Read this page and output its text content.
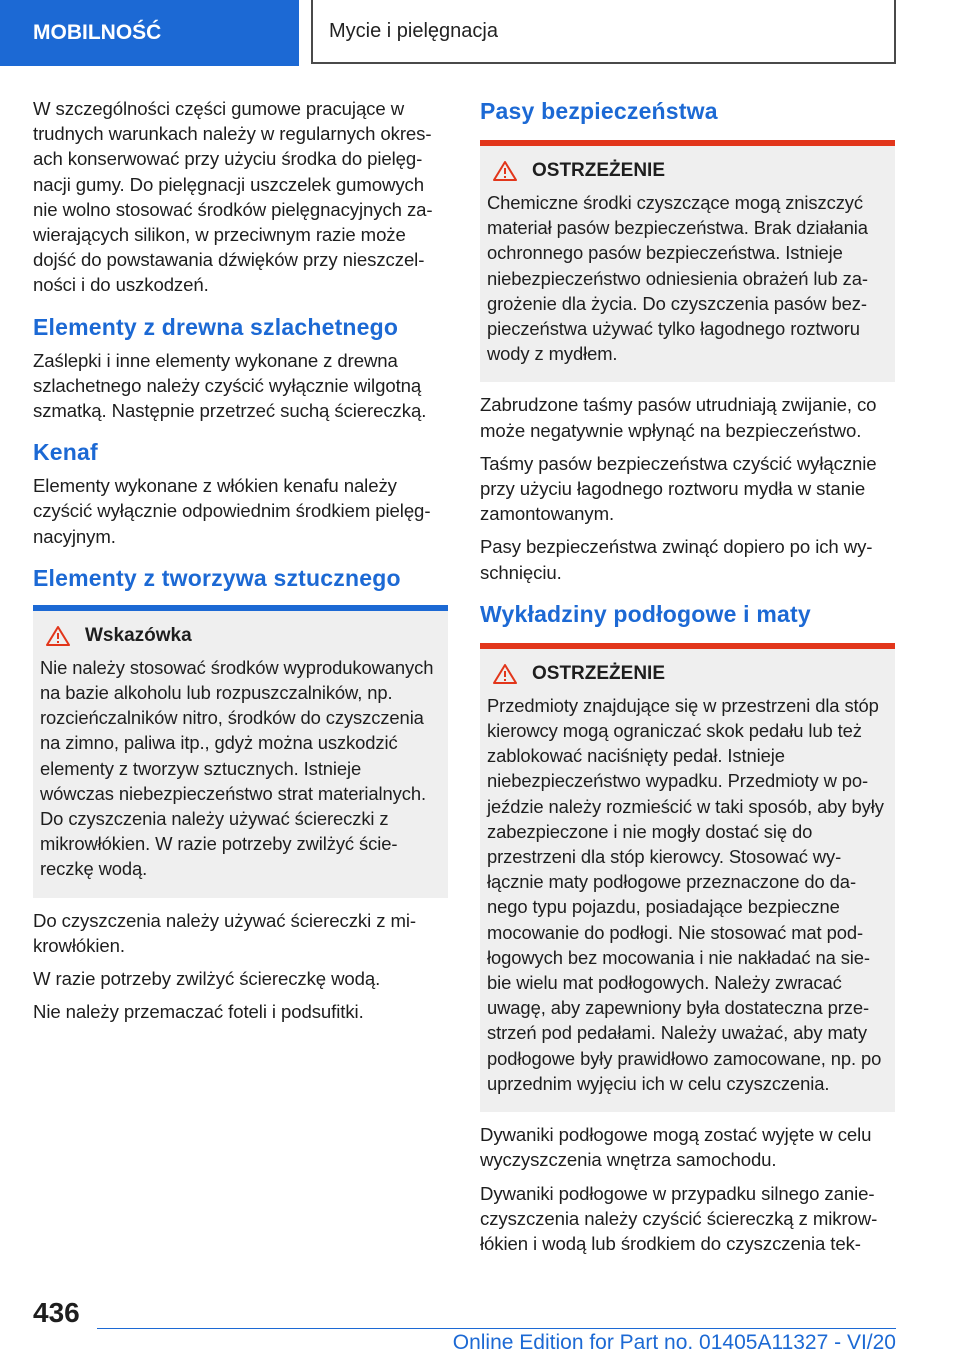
MOBILNOŚĆ	Mycie i pielęgnacja

W szczególności części gumowe pracujące w trudnych warunkach należy w regularnych okresach konserwować przy użyciu środka do pielęgnacji gumy. Do pielęgnacji uszczelek gumowych nie wolno stosować środków pielęgnacyjnych zawierających silikon, w przeciwnym razie może dojść do powstawania dźwięków przy nieszczelności i do uszkodzeń.

Elementy z drewna szlachetnego

Zaślepki i inne elementy wykonane z drewna szlachetnego należy czyścić wyłącznie wilgotną szmatką. Następnie przetrzeć suchą ściereczką.

Kenaf

Elementy wykonane z włókien kenafu należy czyścić wyłącznie odpowiednim środkiem pielęgnacyjnym.

Elementy z tworzywa sztucznego
Wskazówka

Nie należy stosować środków wyprodukowanych na bazie alkoholu lub rozpuszczalników, np. rozcieńczalników nitro, środków do czyszczenia na zimno, paliwa itp., gdyż można uszkodzić elementy z tworzyw sztucznych. Istnieje wówczas niebezpieczeństwo strat materialnych. Do czyszczenia należy używać ściereczki z mikrowłókien. W razie potrzeby zwilżyć ściereczkę wodą.

Do czyszczenia należy używać ściereczki z mikrowłókien.

W razie potrzeby zwilżyć ściereczkę wodą.

Nie należy przemaczać foteli i podsufitki.

Pasy bezpieczeństwa
OSTRZEŻENIE

Chemiczne środki czyszczące mogą zniszczyć materiał pasów bezpieczeństwa. Brak działania ochronnego pasów bezpieczeństwa. Istnieje niebezpieczeństwo odniesienia obrażeń lub zagrożenie dla życia. Do czyszczenia pasów bezpieczeństwa używać tylko łagodnego roztworu wody z mydłem.

Zabrudzone taśmy pasów utrudniają zwijanie, co może negatywnie wpłynąć na bezpieczeństwo.

Taśmy pasów bezpieczeństwa czyścić wyłącznie przy użyciu łagodnego roztworu mydła w stanie zamontowanym.

Pasy bezpieczeństwa zwinąć dopiero po ich wyschnięciu.

Wykładziny podłogowe i maty
OSTRZEŻENIE

Przedmioty znajdujące się w przestrzeni dla stóp kierowcy mogą ograniczać skok pedału lub też zablokować naciśnięty pedał. Istnieje niebezpieczeństwo wypadku. Przedmioty w pojeździe należy rozmieścić w taki sposób, aby były zabezpieczone i nie mogły dostać się do przestrzeni dla stóp kierowcy. Stosować wyłącznie maty podłogowe przeznaczone do danego typu pojazdu, posiadające bezpieczne mocowanie do podłogi. Nie stosować mat podłogowych bez mocowania i nie nakładać na siebie wielu mat podłogowych. Należy zwracać uwagę, aby zapewniony była dostateczna przestrzeń pod pedałami. Należy uważać, aby maty podłogowe były prawidłowo zamocowane, np. po uprzednim wyjęciu ich w celu czyszczenia.

Dywaniki podłogowe mogą zostać wyjęte w celu wyczyszczenia wnętrza samochodu.

Dywaniki podłogowe w przypadku silnego zanieczyszczenia należy czyścić ściereczką z mikrowłókien i wodą lub środkiem do czyszczenia tek-

436
Online Edition for Part no. 01405A11327 - VI/20
